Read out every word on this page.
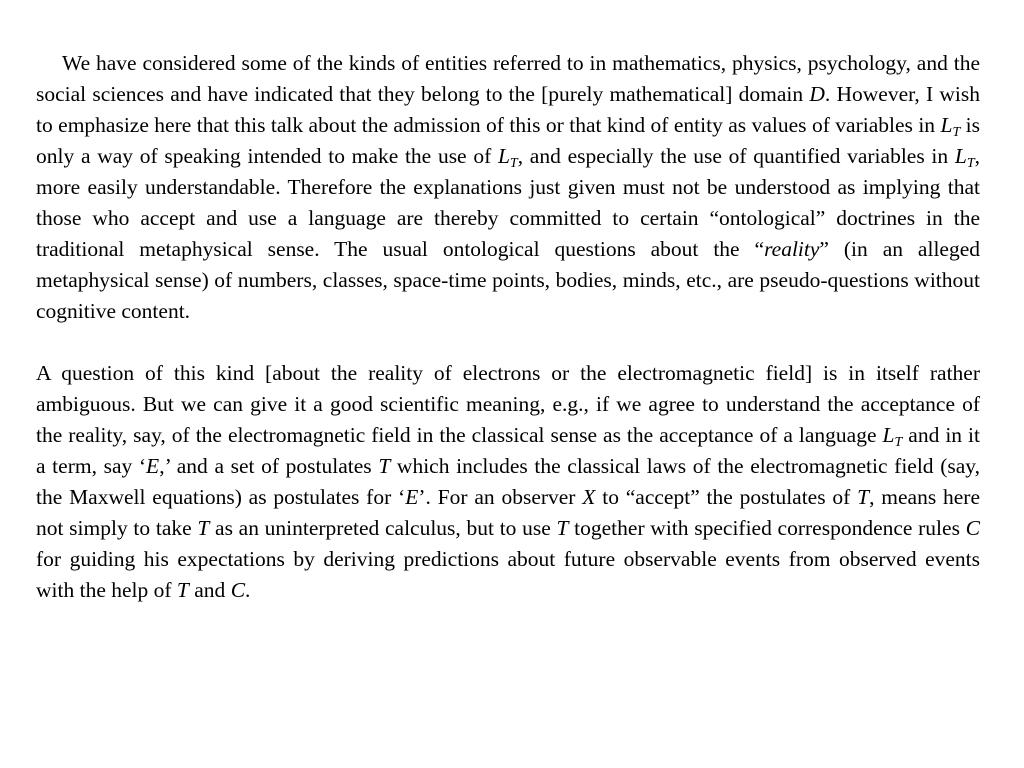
We have considered some of the kinds of entities referred to in mathematics, physics, psychology, and the social sciences and have indicated that they belong to the [purely mathematical] domain D. However, I wish to emphasize here that this talk about the admission of this or that kind of entity as values of variables in $L_T$ is only a way of speaking intended to make the use of $L_T$, and especially the use of quantified variables in $L_T$, more easily understandable. Therefore the explanations just given must not be understood as implying that those who accept and use a language are thereby committed to certain “ontological” doctrines in the traditional metaphysical sense. The usual ontological questions about the “reality” (in an alleged metaphysical sense) of numbers, classes, space-time points, bodies, minds, etc., are pseudo-questions without cognitive content.

A question of this kind [about the reality of electrons or the electromagnetic field] is in itself rather ambiguous. But we can give it a good scientific meaning, e.g., if we agree to understand the acceptance of the reality, say, of the electromagnetic field in the classical sense as the acceptance of a language $L_T$ and in it a term, say ‘E,’ and a set of postulates T which includes the classical laws of the electromagnetic field (say, the Maxwell equations) as postulates for ‘E’. For an observer X to “accept” the postulates of T, means here not simply to take T as an uninterpreted calculus, but to use T together with specified correspondence rules C for guiding his expectations by deriving predictions about future observable events from observed events with the help of T and C.
